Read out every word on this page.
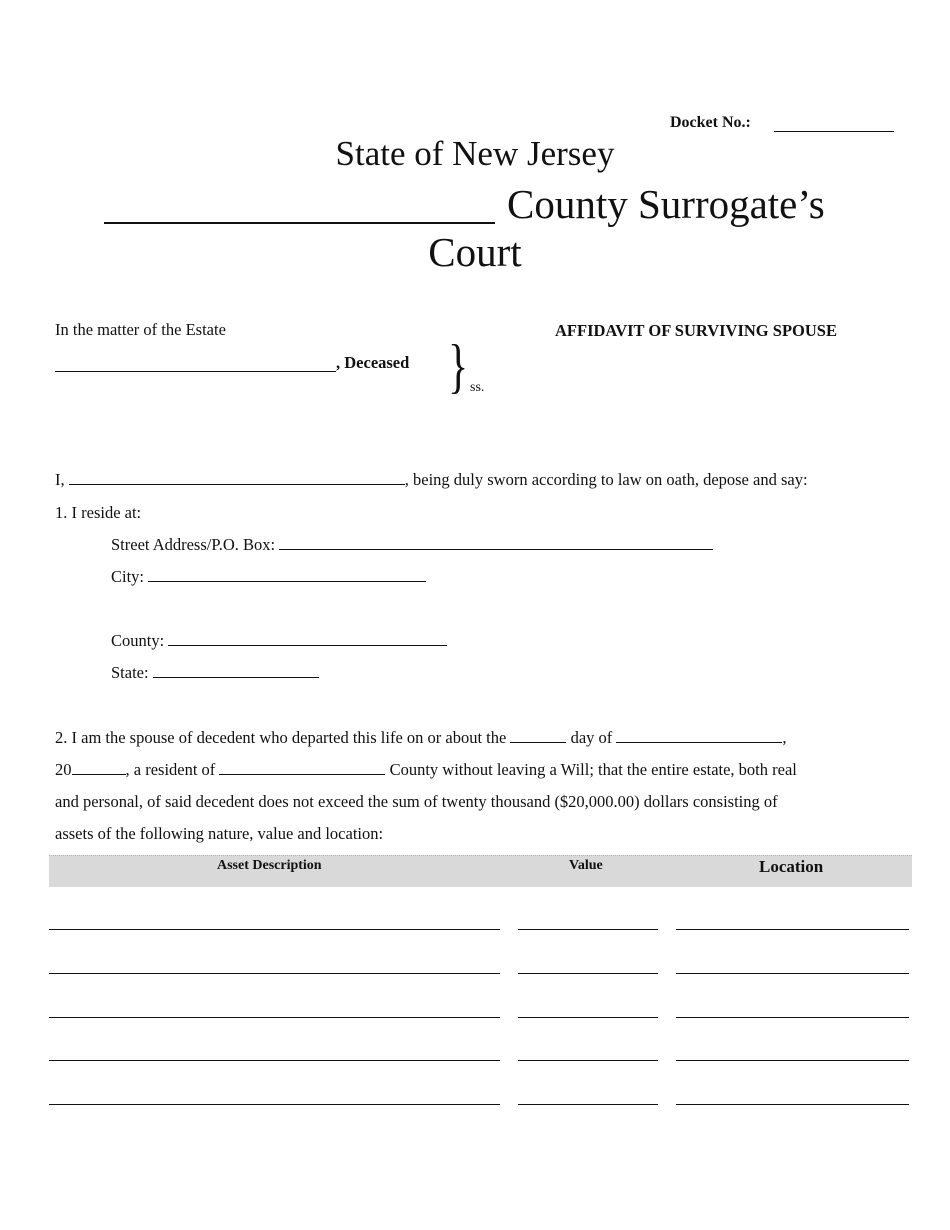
Docket No.:
State of New Jersey
County Surrogate’s
Court
In the matter of the Estate
, Deceased } ss.
AFFIDAVIT OF SURVIVING SPOUSE
I,	, being duly sworn according to law on oath, depose and say:
1. I reside at:
Street Address/P.O. Box:
City:
County:
State:
2. I am the spouse of decedent who departed this life on or about the	day of	,
20	, a resident of	County without leaving a Will; that the entire estate, both real
and personal, of said decedent does not exceed the sum of twenty thousand ($20,000.00) dollars consisting of
assets of the following nature, value and location:
Asset Description	Value	Location
